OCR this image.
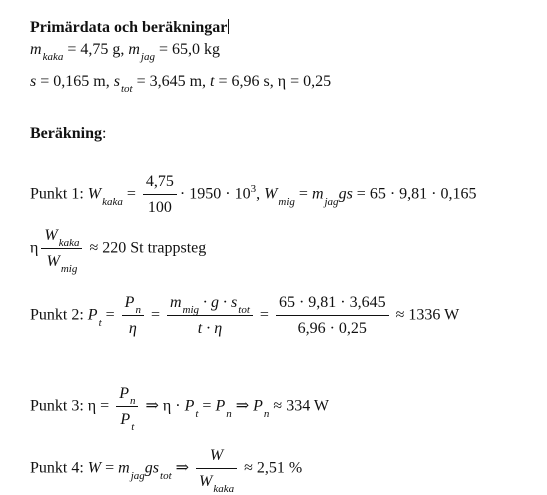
Primärdata och beräkningar
$m_{kaka} = 4,75$ g, $m_{jag} = 65,0$ kg
s = 0,165 m, $s_{tot} = 3,645$ m, t = 6,96 s, η = 0,25
Beräkning:
Punkt 1: $W_{kaka} = \frac{4,75}{100} \cdot 1950 \cdot 10^3$, $W_{mig} = m_{jag}gs = 65 \cdot 9,81 \cdot 0,165$
η $\frac{W_{kaka}}{W_{mig}} \approx 220$ St trappsteg
Punkt 2: $P_t = \frac{P_n}{\eta} = \frac{m_{mig} \cdot g \cdot s_{tot}}{t \cdot \eta} = \frac{65 \cdot 9,81 \cdot 3,645}{6,96 \cdot 0,25} \approx 1336$ W
Punkt 3: $\eta = \frac{P_n}{P_t}$ ⇒ $\eta \cdot P_t = P_n$ ⇒ $P_n \approx 334$ W
Punkt 4: $W = m_{jag}gs_{tot}$ ⇒ $\frac{W}{W_{kaka}} \approx 2,51$ %
